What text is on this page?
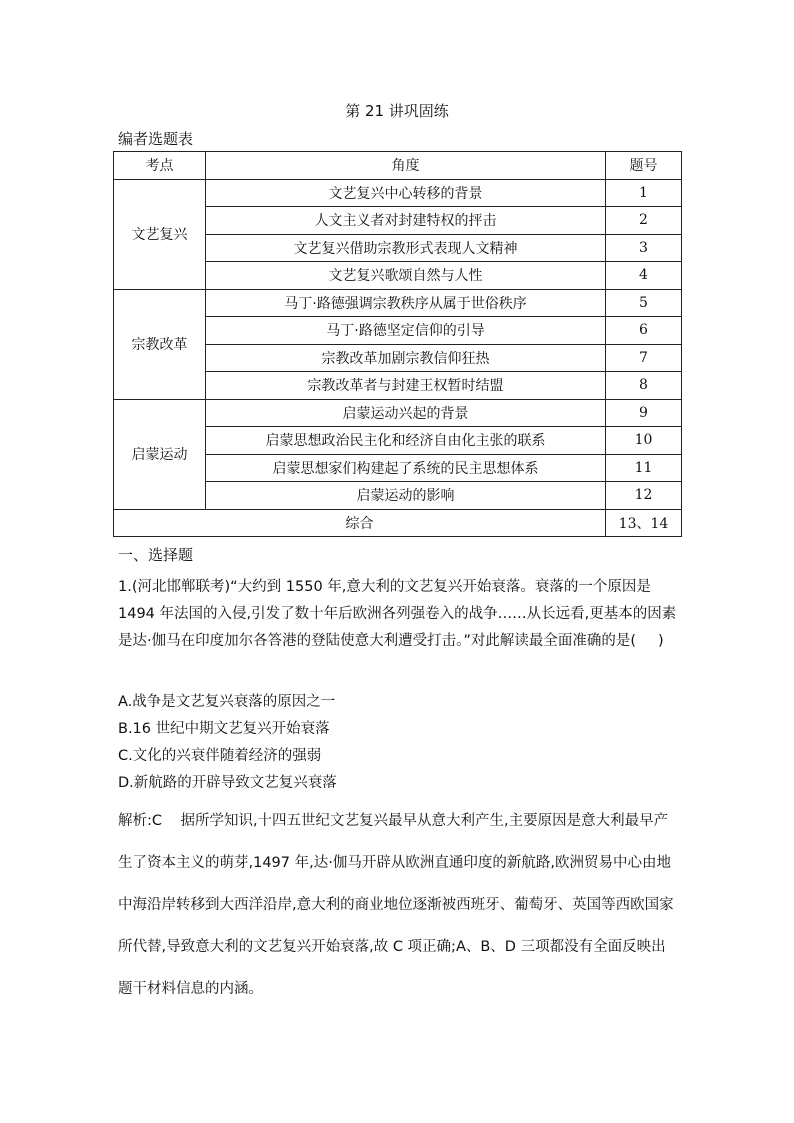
第 21 讲巩固练
编者选题表
考点	角度	题号
文艺复兴	文艺复兴中心转移的背景	1
	人文主义者对封建特权的抨击	2
	文艺复兴借助宗教形式表现人文精神	3
	文艺复兴歌颂自然与人性	4
宗教改革	马丁·路德强调宗教秩序从属于世俗秩序	5
	马丁·路德坚定信仰的引导	6
	宗教改革加剧宗教信仰狂热	7
	宗教改革者与封建王权暂时结盟	8
启蒙运动	启蒙运动兴起的背景	9
	启蒙思想政治民主化和经济自由化主张的联系	10
	启蒙思想家们构建起了系统的民主思想体系	11
	启蒙运动的影响	12
综合		13、14
一、选择题
1.(河北邯郸联考)“大约到 1550 年,意大利的文艺复兴开始衰落。衰落的一个原因是 1494 年法国的入侵,引发了数十年后欧洲各列强卷入的战争……从长远看,更基本的因素是达·伽马在印度加尔各答港的登陆使意大利遭受打击。”对此解读最全面准确的是( )
A.战争是文艺复兴衰落的原因之一
B.16 世纪中期文艺复兴开始衰落
C.文化的兴衰伴随着经济的强弱
D.新航路的开辟导致文艺复兴衰落
解析:C 据所学知识,十四五世纪文艺复兴最早从意大利产生,主要原因是意大利最早产生了资本主义的萌芽,1497 年,达·伽马开辟从欧洲直通印度的新航路,欧洲贸易中心由地中海沿岸转移到大西洋沿岸,意大利的商业地位逐渐被西班牙、葡萄牙、英国等西欧国家所代替,导致意大利的文艺复兴开始衰落,故 C 项正确;A、B、D 三项都没有全面反映出题干材料信息的内涵。
